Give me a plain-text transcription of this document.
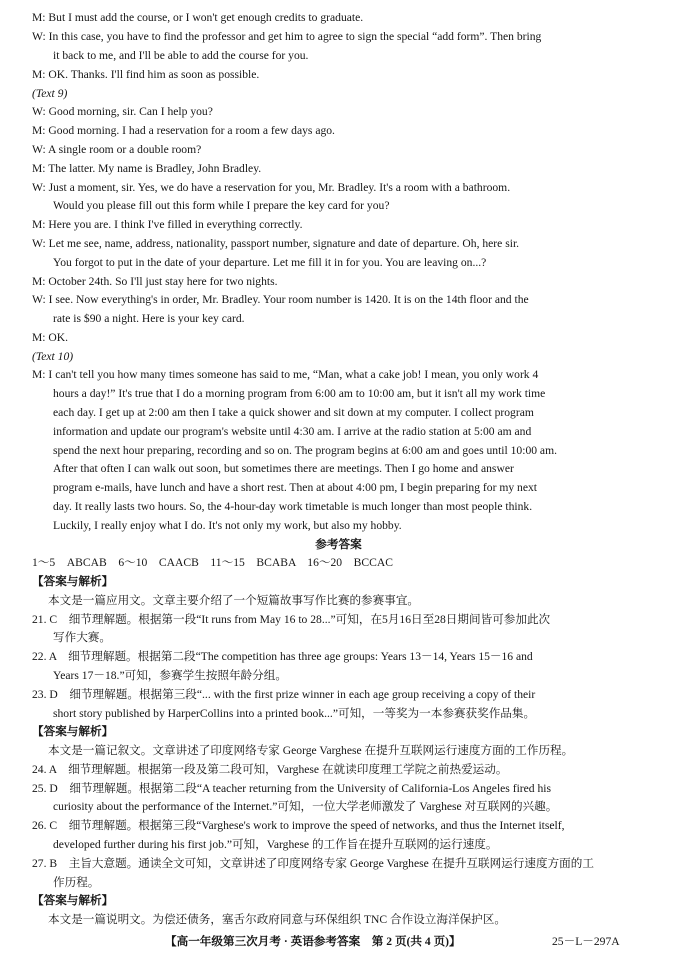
M: But I must add the course, or I won't get enough credits to graduate.
W: In this case, you have to find the professor and get him to agree to sign the special “add form”. Then bring
it back to me, and I'll be able to add the course for you.
M: OK. Thanks. I'll find him as soon as possible.
(Text 9)
W: Good morning, sir. Can I help you?
M: Good morning. I had a reservation for a room a few days ago.
W: A single room or a double room?
M: The latter. My name is Bradley, John Bradley.
W: Just a moment, sir. Yes, we do have a reservation for you, Mr. Bradley. It's a room with a bathroom.
Would you please fill out this form while I prepare the key card for you?
M: Here you are. I think I've filled in everything correctly.
W: Let me see, name, address, nationality, passport number, signature and date of departure. Oh, here sir.
You forgot to put in the date of your departure. Let me fill it in for you. You are leaving on...?
M: October 24th. So I'll just stay here for two nights.
W: I see. Now everything's in order, Mr. Bradley. Your room number is 1420. It is on the 14th floor and the
rate is $90 a night. Here is your key card.
M: OK.
(Text 10)
M: I can't tell you how many times someone has said to me, “Man, what a cake job! I mean, you only work 4
hours a day!” It's true that I do a morning program from 6:00 am to 10:00 am, but it isn't all my work time
each day. I get up at 2:00 am then I take a quick shower and sit down at my computer. I collect program
information and update our program's website until 4:30 am. I arrive at the radio station at 5:00 am and
spend the next hour preparing, recording and so on. The program begins at 6:00 am and goes until 10:00 am.
After that often I can walk out soon, but sometimes there are meetings. Then I go home and answer
program e-mails, have lunch and have a short rest. Then at about 4:00 pm, I begin preparing for my next
day. It really lasts two hours. So, the 4-hour-day work timetable is much longer than most people think.
Luckily, I really enjoy what I do. It's not only my work, but also my hobby.
参考答案
1～5　ABCAB　6～10　CAACB　11～15　BCABA　16～20　BCCAC
【答案与解析】
本文是一篇应用文。文章主要介绍了一个短篇故事写作比赛的参赛事宜。
21. C　细节理解题。根据第一段“It runs from May 16 to 28...”可知，在5月16日至28日期间皆可参加此次
写作大赛。
22. A　细节理解题。根据第二段“The competition has three age groups: Years 13－14, Years 15－16 and
Years 17－18.”可知，参赛学生按照年龄分组。
23. D　细节理解题。根据第三段“... with the first prize winner in each age group receiving a copy of their
short story published by HarperCollins into a printed book...”可知，一等奖为一本参赛获奖作品集。
【答案与解析】
本文是一篇记叙文。文章讲述了印度网络专家 George Varghese 在提升互联网运行速度方面的工作历程。
24. A　细节理解题。根据第一段及第二段可知，Varghese 在就读印度理工学院之前热爱运动。
25. D　细节理解题。根据第二段“A teacher returning from the University of California-Los Angeles fired his
curiosity about the performance of the Internet.”可知，一位大学老师激发了 Varghese 对互联网的兴趣。
26. C　细节理解题。根据第三段“Varghese's work to improve the speed of networks, and thus the Internet itself,
developed further during his first job.”可知，Varghese 的工作旨在提升互联网的运行速度。
27. B　主旨大意题。通读全文可知，文章讲述了印度网络专家 George Varghese 在提升互联网运行速度方面的工
作历程。
【答案与解析】
本文是一篇说明文。为偿还债务，塞舌尔政府同意与环保组织 TNC 合作设立海洋保护区。
【高一年级第三次月考 · 英语参考答案　第 2 页(共 4 页)】	25－L－297A
